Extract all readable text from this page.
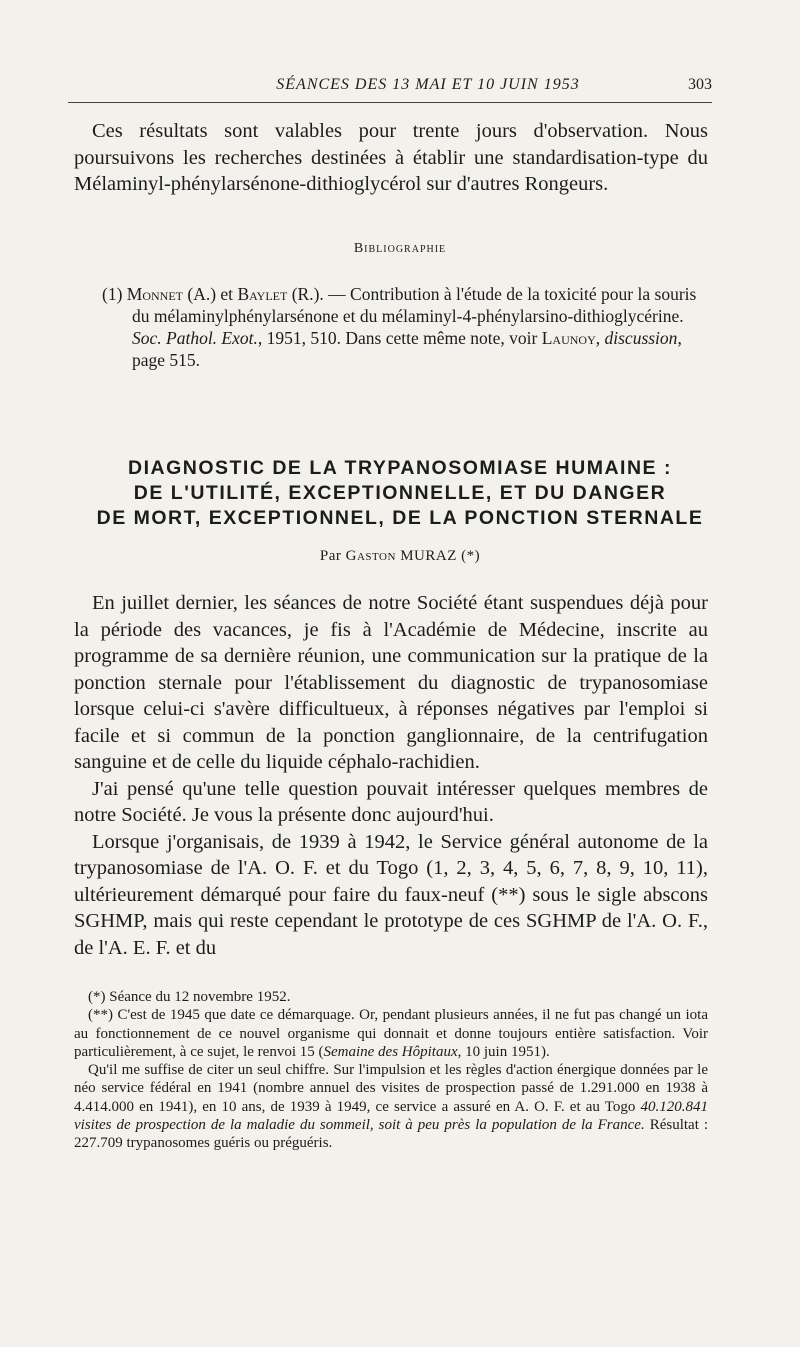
SÉANCES DES 13 MAI ET 10 JUIN 1953	303

Ces résultats sont valables pour trente jours d'observation. Nous poursuivons les recherches destinées à établir une standardisation-type du Mélaminyl-phénylarsénone-dithioglycérol sur d'autres Rongeurs.

Bibliographie

(1) Monnet (A.) et Baylet (R.). — Contribution à l'étude de la toxicité pour la souris du mélaminylphénylarsénone et du mélaminyl-4-phénylarsino-dithioglycérine. Soc. Pathol. Exot., 1951, 510. Dans cette même note, voir Launoy, discussion, page 515.

DIAGNOSTIC DE LA TRYPANOSOMIASE HUMAINE :
DE L'UTILITÉ, EXCEPTIONNELLE, ET DU DANGER
DE MORT, EXCEPTIONNEL, DE LA PONCTION STERNALE
Par Gaston MURAZ (*)

En juillet dernier, les séances de notre Société étant suspendues déjà pour la période des vacances, je fis à l'Académie de Médecine, inscrite au programme de sa dernière réunion, une communication sur la pratique de la ponction sternale pour l'établissement du diagnostic de trypanosomiase lorsque celui-ci s'avère difficultueux, à réponses négatives par l'emploi si facile et si commun de la ponction ganglionnaire, de la centrifugation sanguine et de celle du liquide céphalo-rachidien.

J'ai pensé qu'une telle question pouvait intéresser quelques membres de notre Société. Je vous la présente donc aujourd'hui.

Lorsque j'organisais, de 1939 à 1942, le Service général autonome de la trypanosomiase de l'A. O. F. et du Togo (1, 2, 3, 4, 5, 6, 7, 8, 9, 10, 11), ultérieurement démarqué pour faire du faux-neuf (**) sous le sigle abscons SGHMP, mais qui reste cependant le prototype de ces SGHMP de l'A. O. F., de l'A. E. F. et du

(*) Séance du 12 novembre 1952.

(**) C'est de 1945 que date ce démarquage. Or, pendant plusieurs années, il ne fut pas changé un iota au fonctionnement de ce nouvel organisme qui donnait et donne toujours entière satisfaction. Voir particulièrement, à ce sujet, le renvoi 15 (Semaine des Hôpitaux, 10 juin 1951).

Qu'il me suffise de citer un seul chiffre. Sur l'impulsion et les règles d'action énergique données par le néo service fédéral en 1941 (nombre annuel des visites de prospection passé de 1.291.000 en 1938 à 4.414.000 en 1941), en 10 ans, de 1939 à 1949, ce service a assuré en A. O. F. et au Togo 40.120.841 visites de prospection de la maladie du sommeil, soit à peu près la population de la France. Résultat : 227.709 trypanosomes guéris ou préguéris.
